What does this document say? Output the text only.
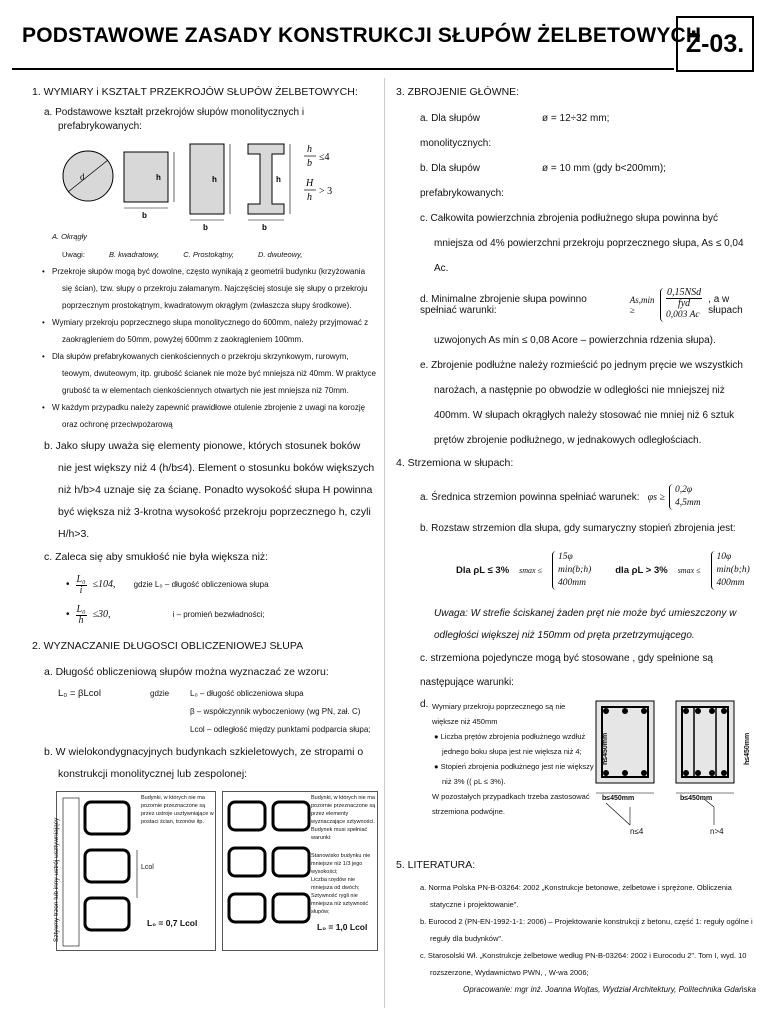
PODSTAWOWE ZASADY KONSTRUKCJI SŁUPÓW ŻELBETOWYCH
Ż-03.
1. WYMIARY i KSZTAŁT PRZEKROJÓW SŁUPÓW ŻELBETOWYCH:
a. Podstawowe kształt przekrojów słupów monolitycznych i prefabrykowanych:
d
b
h
b
h
b
h
h
b
≤4
H
h
> 3
A. Okrągły
Uwagi:	B. kwadratowy,	C. Prostokątny,	D. dwuteowy,
• Przekroje słupów mogą być dowolne, często wynikają z geometrii budynku (krzyżowania się ścian), tzw. słupy o przekroju załamanym. Najczęściej stosuje się słupy o przekroju poprzecznym prostokątnym, kwadratowym okrągłym (zwłaszcza słupy środkowe).
• Wymiary przekroju poprzecznego słupa monolitycznego do 600mm, należy przyjmować z zaokrągleniem do 50mm, powyżej 600mm z zaokrągleniem 100mm.
• Dla słupów prefabrykowanych cienkościennych o przekroju skrzynkowym, rurowym, teowym, dwuteowym, itp. grubość ścianek nie może być mniejsza niż 40mm. W praktyce grubość ta w elementach cienkościennych otwartych nie jest mniejsza niż 70mm.
• W każdym przypadku należy zapewnić prawidłowe otulenie zbrojenie z uwagi na korozję oraz ochronę przeciwpożarową
b. Jako słupy uważa się elementy pionowe, których stosunek boków nie jest większy niż 4 (h/b≤4). Element o stosunku boków większych niż h/b>4 uznaje się za ścianę. Ponadto wysokość słupa H powinna być większa niż 3-krotna wysokość przekroju poprzecznego h, czyli H/h>3.
c. Zaleca się aby smukłość nie była większa niż:
• $\frac{\text{L₀}}{i} \le 104$, gdzie L₀ – długość obliczeniowa słupa
• $\frac{\text{L₀}}{h} \le 30$,	i – promień bezwładności;
2. WYZNACZANIE DŁUGOSCI OBLICZENIOWEJ SŁUPA
a. Długość obliczeniową słupów można wyznaczać ze wzoru:
L₀ = βLcol	gdzie	L₀ – długość obliczeniowa słupa
β – współczynnik wyboczeniowy (wg PN, zał. C)
Lcol – odległość między punktami podparcia słupa;
b. W wielokondygnacyjnych budynkach szkieletowych, ze stropami o konstrukcji monolitycznej lub zespolonej:
Sztywny trzon lub inny ustrój usztywniający	Lcol
Budynki, w których nie ma pozornie przeznaczone są przez ustroje usztywniające w postaci ścian, trzonów itp.
L₀ = 0,7 Lcol
Budynki, w których nie ma pozornie przeznaczone są przez elementy wyznaczające sztywności. Budynek musi spełniać warunki:
Stanowisko budynku nie mniejsze niż 1/3 jego wysokości;
Liczba rzędów nie mniejsza od dwóch;
Sztywność rygli nie mniejsza niż sztywność słupów;
L₀ = 1,0 Lcol
3. ZBROJENIE GŁÓWNE:
a. Dla słupów monolitycznych:
ø = 12÷32 mm;
b. Dla słupów prefabrykowanych:
ø = 10 mm (gdy b<200mm);
c. Całkowita powierzchnia zbrojenia podłużnego słupa powinna być mniejsza od 4% powierzchni przekroju poprzecznego słupa, As ≤ 0,04 Ac.
d. Minimalne zbrojenie słupa powinno spełniać warunki:
As,min ≥
$\frac{\text{0,15NSd}}{\text{fyd}}$
0,003 Ac
, a w słupach
uzwojonych As min ≤ 0,08 Acore – powierzchnia rdzenia słupa).
e. Zbrojenie podłużne należy rozmieścić po jednym pręcie we wszystkich narożach, a następnie po obwodzie w odległości nie mniejszej niż 400mm. W słupach okrągłych należy stosować nie mniej niż 6 sztuk prętów zbrojenie podłużnego, w jednakowych odległościach.
4. Strzemiona w słupach:
a. Średnica strzemion powinna spełniać warunek: φs ≥
0,2φ
4,5mm
b. Rozstaw strzemion dla słupa, gdy sumaryczny stopień zbrojenia jest:
Dla ρL ≤ 3% smax ≤
15φ
min(b;h)
400mm
dla ρL > 3% smax ≤
10φ
min(b;h)
400mm
Uwaga: W strefie ściskanej żaden pręt nie może być umieszczony w odległości większej niż 150mm od pręta przetrzymującego.
c. strzemiona pojedyncze mogą być stosowane , gdy spełnione są następujące warunki:
d. Wymiary przekroju poprzecznego są nie większe niż 450mm
● Liczba prętów zbrojenia podłużnego wzdłuż jednego boku słupa jest nie większa niż 4;
● Stopień zbrojenia podłużnego jest nie większy niż 3% (( ρL ≤ 3%).
W pozostałych przypadkach trzeba zastosować strzemiona podwójne.
h≤450mm
b≤450mm
n≤4
h≤450mm
b≤450mm
n>4
5. LITERATURA:
a. Norma Polska PN-B-03264: 2002 „Konstrukcje betonowe, żelbetowe i sprężone. Obliczenia statyczne i projektowanie".
b. Eurocod 2 (PN-EN-1992-1-1: 2006) – Projektowanie konstrukcji z betonu, część 1: reguły ogólne i reguły dla budynków".
c. Starosolski Wł. „Konstrukcje żelbetowe według PN-B-03264: 2002 i Eurocodu 2". Tom I, wyd. 10 rozszerzone, Wydawnictwo PWN, , W-wa 2006;
Opracowanie: mgr inż. Joanna Wojtas, Wydział Architektury, Politechnika Gdańska
